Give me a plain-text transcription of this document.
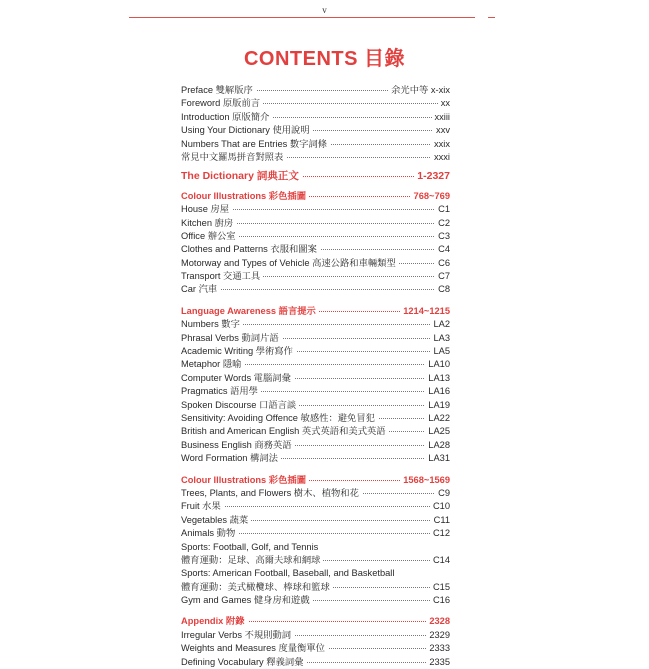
v
CONTENTS 目錄
Preface 雙解版序	余光中等 x-xix
Foreword 原版前言	xx
Introduction 原版簡介	xxiii
Using Your Dictionary 使用說明	xxv
Numbers That are Entries 數字詞條	xxix
常見中文羅馬拼音對照表	xxxi
The Dictionary 詞典正文	1-2327
Colour Illustrations 彩色插圖	768~769
House 房屋	C1
Kitchen 廚房	C2
Office 辦公室	C3
Clothes and Patterns 衣服和圖案	C4
Motorway and Types of Vehicle 高速公路和車輛類型	C6
Transport 交通工具	C7
Car 汽車	C8
Language Awareness 語言提示	1214~1215
Numbers 數字	LA2
Phrasal Verbs 動詞片語	LA3
Academic Writing 學術寫作	LA5
Metaphor 隱喻	LA10
Computer Words 電腦詞彙	LA13
Pragmatics 語用學	LA16
Spoken Discourse 口語言談	LA19
Sensitivity: Avoiding Offence 敏感性：避免冒犯	LA22
British and American English 英式英語和美式英語	LA25
Business English 商務英語	LA28
Word Formation 構詞法	LA31
Colour Illustrations 彩色插圖	1568~1569
Trees, Plants, and Flowers 樹木、植物和花	C9
Fruit 水果	C10
Vegetables 蔬菜	C11
Animals 動物	C12
Sports: Football, Golf, and Tennis
體育運動：足球、高爾夫球和網球	C14
Sports: American Football, Baseball, and Basketball
體育運動：美式橄欖球、棒球和籃球	C15
Gym and Games 健身房和遊戲	C16
Appendix 附錄	2328
Irregular Verbs 不規則動詞	2329
Weights and Measures 度量衡單位	2333
Defining Vocabulary 釋義詞彙	2335
